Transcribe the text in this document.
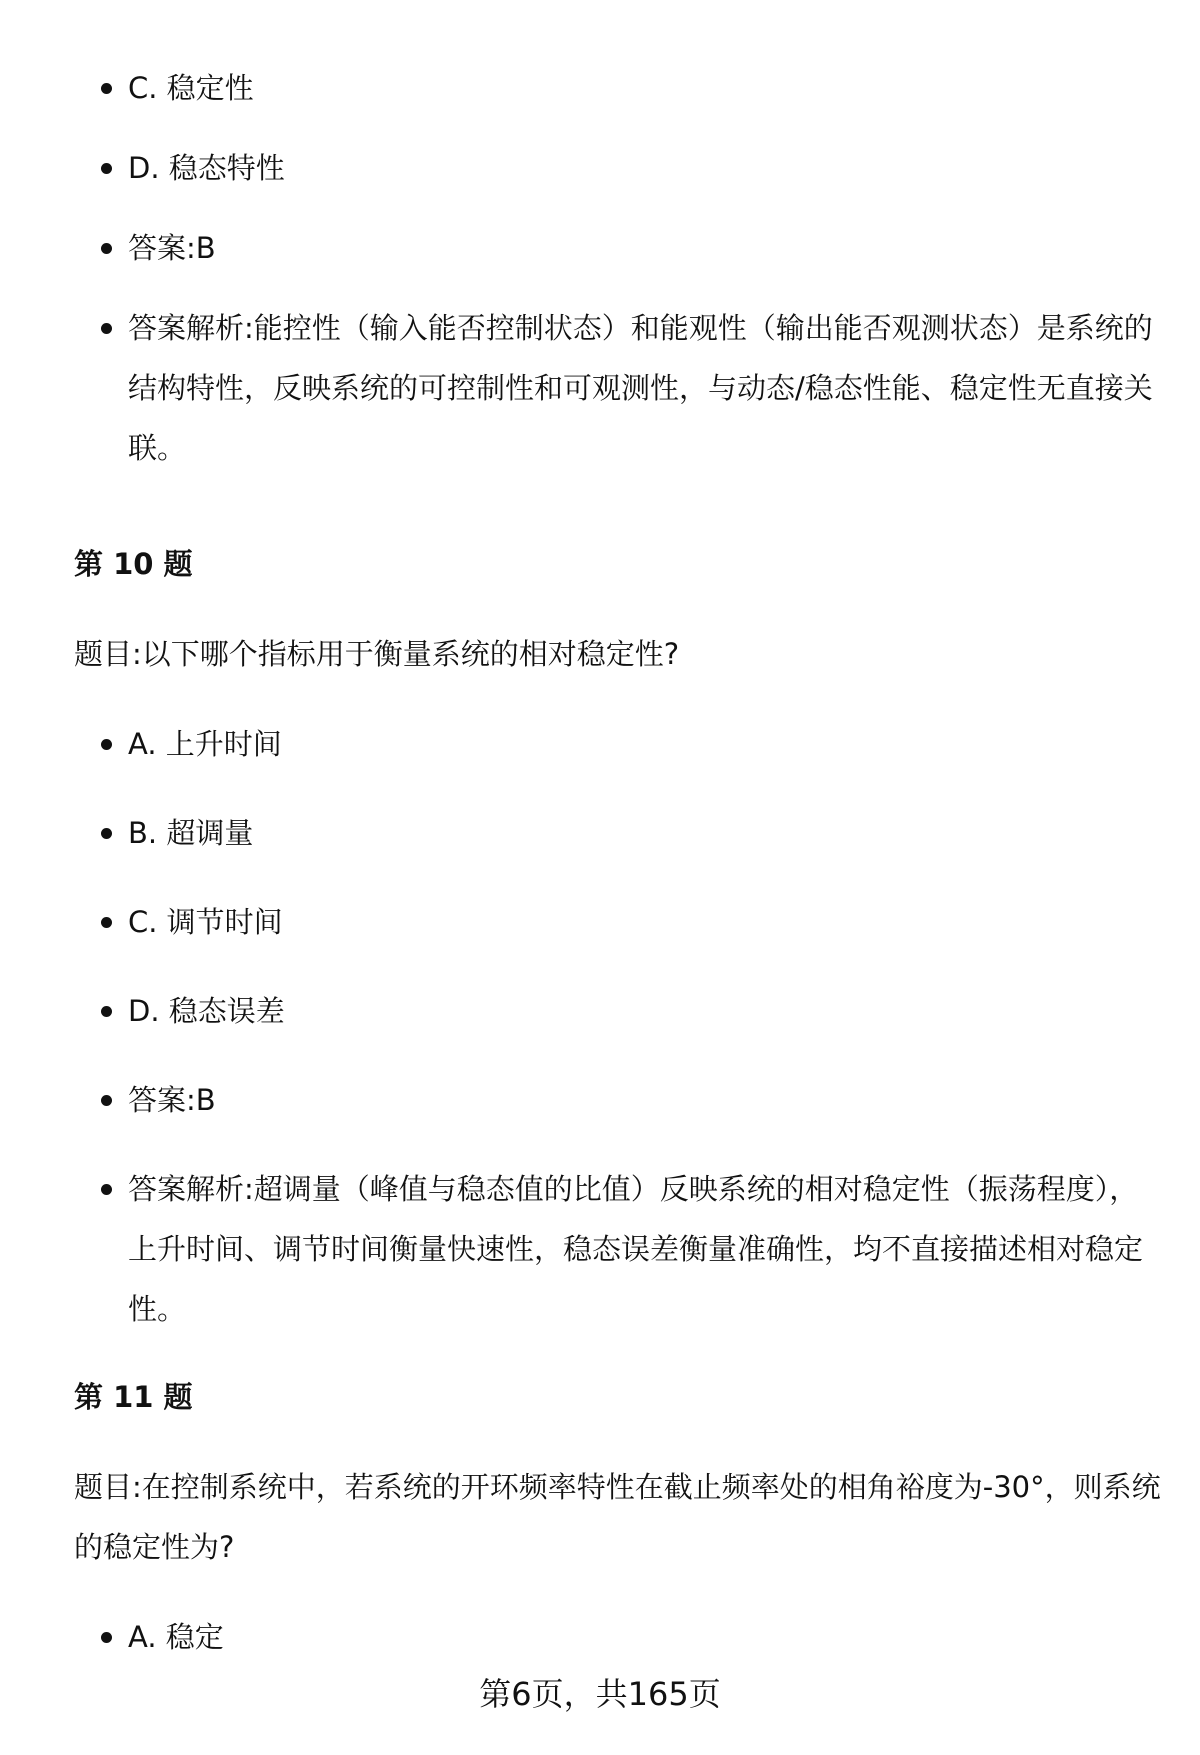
C. 稳定性
D. 稳态特性
答案:B
答案解析:能控性（输入能否控制状态）和能观性（输出能否观测状态）是系统的结构特性，反映系统的可控制性和可观测性，与动态/稳态性能、稳定性无直接关联。
第 10 题
题目:以下哪个指标用于衡量系统的相对稳定性?
A. 上升时间
B. 超调量
C. 调节时间
D. 稳态误差
答案:B
答案解析:超调量（峰值与稳态值的比值）反映系统的相对稳定性（振荡程度），上升时间、调节时间衡量快速性，稳态误差衡量准确性，均不直接描述相对稳定性。
第 11 题
题目:在控制系统中，若系统的开环频率特性在截止频率处的相角裕度为-30°，则系统的稳定性为?
A. 稳定
第6页，共165页
